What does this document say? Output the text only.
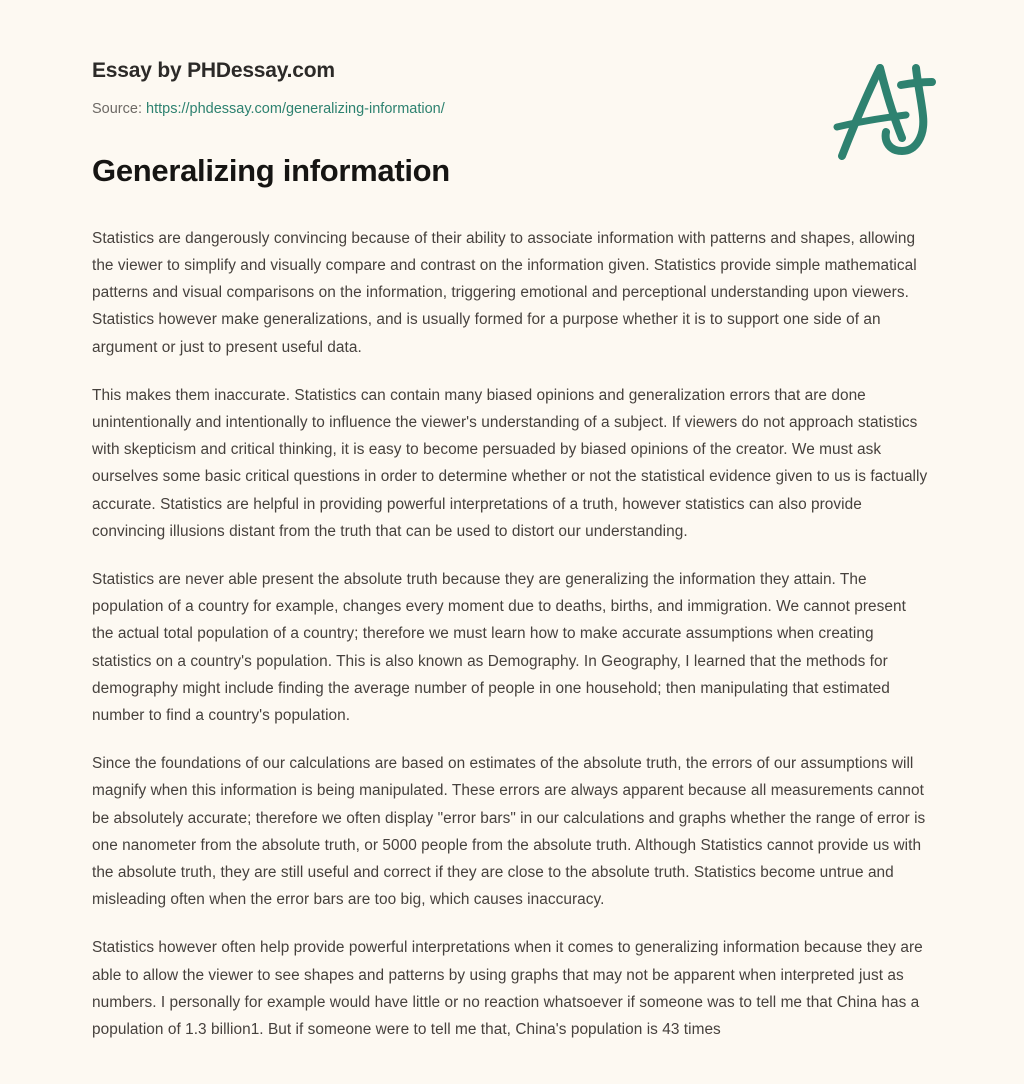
Essay by PHDessay.com
Source: https://phdessay.com/generalizing-information/
Generalizing information

Statistics are dangerously convincing because of their ability to associate information with patterns and shapes, allowing the viewer to simplify and visually compare and contrast on the information given. Statistics provide simple mathematical patterns and visual comparisons on the information, triggering emotional and perceptional understanding upon viewers. Statistics however make generalizations, and is usually formed for a purpose whether it is to support one side of an argument or just to present useful data.

This makes them inaccurate. Statistics can contain many biased opinions and generalization errors that are done unintentionally and intentionally to influence the viewer's understanding of a subject. If viewers do not approach statistics with skepticism and critical thinking, it is easy to become persuaded by biased opinions of the creator. We must ask ourselves some basic critical questions in order to determine whether or not the statistical evidence given to us is factually accurate. Statistics are helpful in providing powerful interpretations of a truth, however statistics can also provide convincing illusions distant from the truth that can be used to distort our understanding.

Statistics are never able present the absolute truth because they are generalizing the information they attain. The population of a country for example, changes every moment due to deaths, births, and immigration. We cannot present the actual total population of a country; therefore we must learn how to make accurate assumptions when creating statistics on a country's population. This is also known as Demography. In Geography, I learned that the methods for demography might include finding the average number of people in one household; then manipulating that estimated number to find a country's population.

Since the foundations of our calculations are based on estimates of the absolute truth, the errors of our assumptions will magnify when this information is being manipulated. These errors are always apparent because all measurements cannot be absolutely accurate; therefore we often display "error bars" in our calculations and graphs whether the range of error is one nanometer from the absolute truth, or 5000 people from the absolute truth. Although Statistics cannot provide us with the absolute truth, they are still useful and correct if they are close to the absolute truth. Statistics become untrue and misleading often when the error bars are too big, which causes inaccuracy.

Statistics however often help provide powerful interpretations when it comes to generalizing information because they are able to allow the viewer to see shapes and patterns by using graphs that may not be apparent when interpreted just as numbers. I personally for example would have little or no reaction whatsoever if someone was to tell me that China has a population of 1.3 billion1. But if someone were to tell me that, China's population is 43 times
